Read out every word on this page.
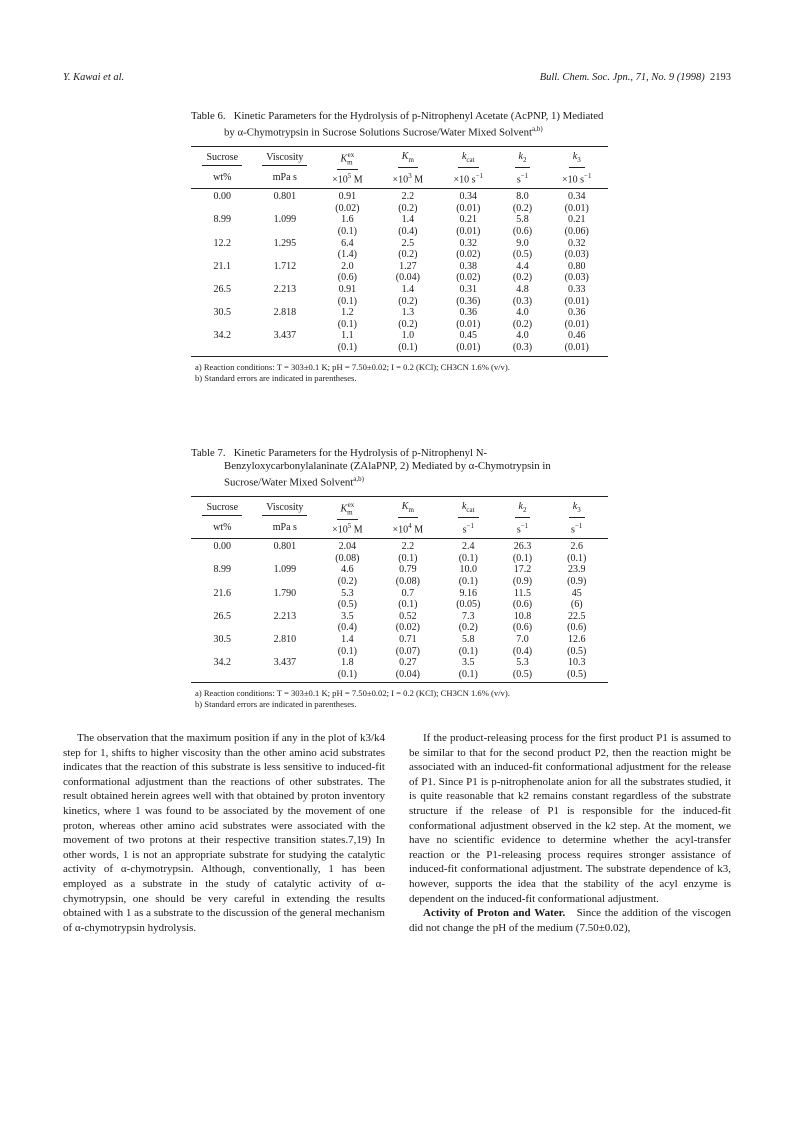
Y. Kawai et al.	Bull. Chem. Soc. Jpn., 71, No. 9 (1998) 2193

Table 6. Kinetic Parameters for the Hydrolysis of p-Nitrophenyl Acetate (AcPNP, 1) Mediated by α-Chymotrypsin in Sucrose Solutions Sucrose/Water Mixed Solvent$^{a,b)}$

Sucrose	Viscosity	$K_m^{ex}$	$K_m$	$k_{cat}$	$k_2$	$k_3$
wt%	mPa s	$\times 10^5$ M	$\times 10^3$ M	×10 $s^{-1}$	$s^{-1}$	×10 $s^{-1}$
0.00	0.801	0.91	2.2	0.34	8.0	0.34
		(0.02)	(0.2)	(0.01)	(0.2)	(0.01)
8.99	1.099	1.6	1.4	0.21	5.8	0.21
		(0.1)	(0.4)	(0.01)	(0.6)	(0.06)
12.2	1.295	6.4	2.5	0.32	9.0	0.32
		(1.4)	(0.2)	(0.02)	(0.5)	(0.03)
21.1	1.712	2.0	1.27	0.38	4.4	0.80
		(0.6)	(0.04)	(0.02)	(0.2)	(0.03)
26.5	2.213	0.91	1.4	0.31	4.8	0.33
		(0.1)	(0.2)	(0.36)	(0.3)	(0.01)
30.5	2.818	1.2	1.3	0.36	4.0	0.36
		(0.1)	(0.2)	(0.01)	(0.2)	(0.01)
34.2	3.437	1.1	1.0	0.45	4.0	0.46
		(0.1)	(0.1)	(0.01)	(0.3)	(0.01)
a) Reaction conditions: T = 303±0.1 K; pH = 7.50±0.02; I = 0.2 (KCl); CH3CN 1.6% (v/v).
b) Standard errors are indicated in parentheses.

Table 7. Kinetic Parameters for the Hydrolysis of p-Nitrophenyl N-Benzyloxycarbonylalaninate (ZAlaPNP, 2) Mediated by α-Chymotrypsin in Sucrose/Water Mixed Solvent$^{a,b)}$

Sucrose	Viscosity	$K_m^{ex}$	$K_m$	$k_{cat}$	$k_2$	$k_3$
wt%	mPa s	$\times 10^5$ M	$\times 10^4$ M	$s^{-1}$	$s^{-1}$	$s^{-1}$
0.00	0.801	2.04	2.2	2.4	26.3	2.6
		(0.08)	(0.1)	(0.1)	(0.1)	(0.1)
8.99	1.099	4.6	0.79	10.0	17.2	23.9
		(0.2)	(0.08)	(0.1)	(0.9)	(0.9)
21.6	1.790	5.3	0.7	9.16	11.5	45
		(0.5)	(0.1)	(0.05)	(0.6)	(6)
26.5	2.213	3.5	0.52	7.3	10.8	22.5
		(0.4)	(0.02)	(0.2)	(0.6)	(0.6)
30.5	2.810	1.4	0.71	5.8	7.0	12.6
		(0.1)	(0.07)	(0.1)	(0.4)	(0.5)
34.2	3.437	1.8	0.27	3.5	5.3	10.3
		(0.1)	(0.04)	(0.1)	(0.5)	(0.5)
a) Reaction conditions: T = 303±0.1 K; pH = 7.50±0.02; I = 0.2 (KCl); CH3CN 1.6% (v/v).
b) Standard errors are indicated in parentheses.

The observation that the maximum position if any in the plot of k3/k4 step for 1, shifts to higher viscosity than the other amino acid substrates indicates that the reaction of this substrate is less sensitive to induced-fit conformational adjustment than the reactions of other substrates. The result obtained herein agrees well with that obtained by proton inventory kinetics, where 1 was found to be associated by the movement of one proton, whereas other amino acid substrates were associated with the movement of two protons at their respective transition states.7,19) In other words, 1 is not an appropriate substrate for studying the catalytic activity of α-chymotrypsin. Although, conventionally, 1 has been employed as a substrate in the study of catalytic activity of α-chymotrypsin, one should be very careful in extending the results obtained with 1 as a substrate to the discussion of the general mechanism of α-chymotrypsin hydrolysis.

If the product-releasing process for the first product P1 is assumed to be similar to that for the second product P2, then the reaction might be associated with an induced-fit conformational adjustment for the release of P1. Since P1 is p-nitrophenolate anion for all the substrates studied, it is quite reasonable that k2 remains constant regardless of the substrate structure if the release of P1 is responsible for the induced-fit conformational adjustment observed in the k2 step. At the moment, we have no scientific evidence to determine whether the acyl-transfer reaction or the P1-releasing process requires stronger assistance of induced-fit conformational adjustment. The substrate dependence of k3, however, supports the idea that the stability of the acyl enzyme is dependent on the induced-fit conformational adjustment.

Activity of Proton and Water. Since the addition of the viscogen did not change the pH of the medium (7.50±0.02),
